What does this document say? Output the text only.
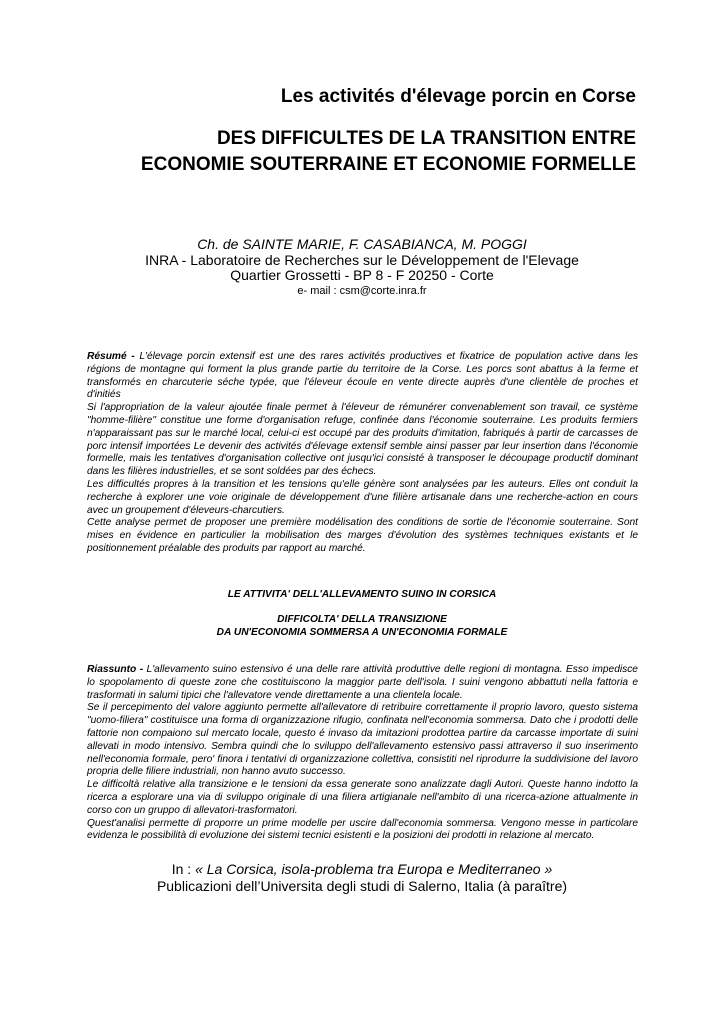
Les activités d'élevage porcin en Corse
DES DIFFICULTES DE LA TRANSITION ENTRE
ECONOMIE SOUTERRAINE ET ECONOMIE FORMELLE
Ch. de SAINTE MARIE, F. CASABIANCA, M. POGGI
INRA - Laboratoire de Recherches sur le Développement de l'Elevage
Quartier Grossetti - BP 8 - F 20250 - Corte
e- mail : csm@corte.inra.fr

Résumé - L'élevage porcin extensif est une des rares activités productives et fixatrice de population active dans les régions de montagne qui forment la plus grande partie du territoire de la Corse. Les porcs sont abattus à la ferme et transformés en charcuterie séche typée, que l'éleveur écoule en vente directe auprès d'une clientèle de proches et d'initiés

Si l'appropriation de la valeur ajoutée finale permet à l'éleveur de rémunérer convenablement son travail, ce système "homme-filière" constitue une forme d'organisation refuge, confinée dans l'économie souterraine. Les produits fermiers n'apparaissant pas sur le marché local, celui-ci est occupé par des produits d'imitation, fabriqués à partir de carcasses de porc intensif importées Le devenir des activités d'élevage extensif semble ainsi passer par leur insertion dans l'économie formelle, mais les tentatives d'organisation collective ont jusqu'ici consisté à transposer le découpage productif dominant dans les filières industrielles, et se sont soldées par des échecs.

Les difficultés propres à la transition et les tensions qu'elle génère sont analysées par les auteurs. Elles ont conduit la recherche à explorer une voie originale de développement d'une filière artisanale dans une recherche-action en cours avec un groupement d'éleveurs-charcutiers.

Cette analyse permet de proposer une première modélisation des conditions de sortie de l'économie souterraine. Sont mises en évidence en particulier la mobilisation des marges d'évolution des systèmes techniques existants et le positionnement préalable des produits par rapport au marché.

LE ATTIVITA' DELL'ALLEVAMENTO SUINO IN CORSICA
DIFFICOLTA' DELLA TRANSIZIONE
DA UN'ECONOMIA SOMMERSA A UN'ECONOMIA FORMALE

Riassunto - L'allevamento suino estensivo é una delle rare attività produttive delle regioni di montagna. Esso impedisce lo spopolamento di queste zone che costituiscono la maggior parte dell'isola. I suini vengono abbattuti nella fattoria e trasformati in salumi tipici che l'allevatore vende direttamente a una clientela locale.

Se il percepimento del valore aggiunto permette all'allevatore di retribuire correttamente il proprio lavoro, questo sistema "uomo-filiera" costituisce una forma di organizzazione rifugio, confinata nell'economia sommersa. Dato che i prodotti delle fattorie non compaiono sul mercato locale, questo é invaso da imitazioni prodottea partire da carcasse importate di suini allevati in modo intensivo. Sembra quindi che lo sviluppo dell'allevamento estensivo passi attraverso il suo inserimento nell'economia formale, pero' finora i tentativi di organizzazione collettiva, consistiti nel riprodurre la suddivisione del lavoro propria delle filiere industriali, non hanno avuto successo.

Le difficoltà relative alla transizione e le tensioni da essa generate sono analizzate dagli Autori. Queste hanno indotto la ricerca a esplorare una via di sviluppo originale di una filiera artigianale nell'ambito di una ricerca-azione attualmente in corso con un gruppo di allevatori-trasformatori.

Quest'analisi permette di proporre un prime modelle per uscire dall'economia sommersa. Vengono messe in particolare evidenza le possibilità di evoluzione dei sistemi tecnici esistenti e la posizioni dei prodotti in relazione al mercato.

In : « La Corsica, isola-problema tra Europa e Mediterraneo »
Publicazioni dell’Universita degli studi di Salerno, Italia (à paraître)
